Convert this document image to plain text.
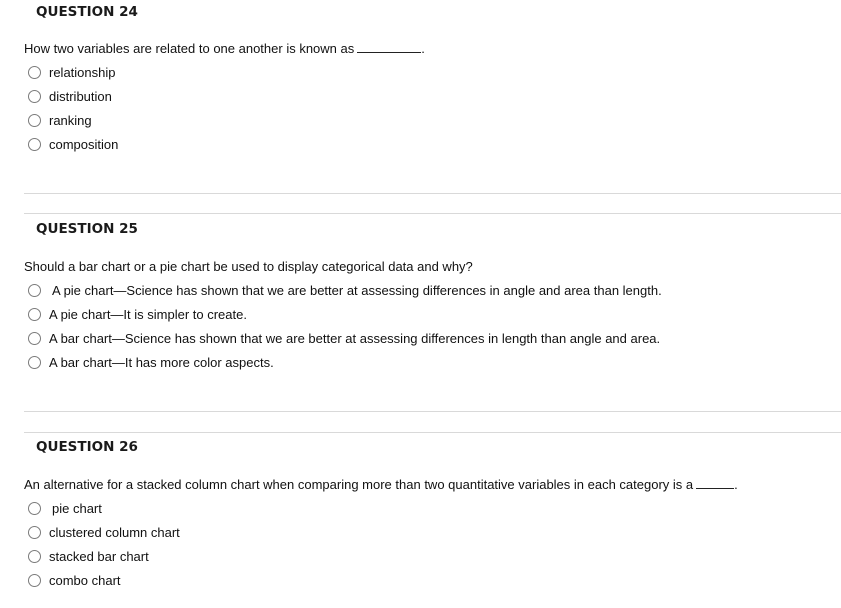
QUESTION 24

How two variables are related to one another is known as	.

relationship
distribution
ranking
composition
QUESTION 25

Should a bar chart or a pie chart be used to display categorical data and why?

A pie chart—Science has shown that we are better at assessing differences in angle and area than length.
A pie chart—It is simpler to create.
A bar chart—Science has shown that we are better at assessing differences in length than angle and area.
A bar chart—It has more color aspects.
QUESTION 26

An alternative for a stacked column chart when comparing more than two quantitative variables in each category is a	.

pie chart
clustered column chart
stacked bar chart
combo chart
